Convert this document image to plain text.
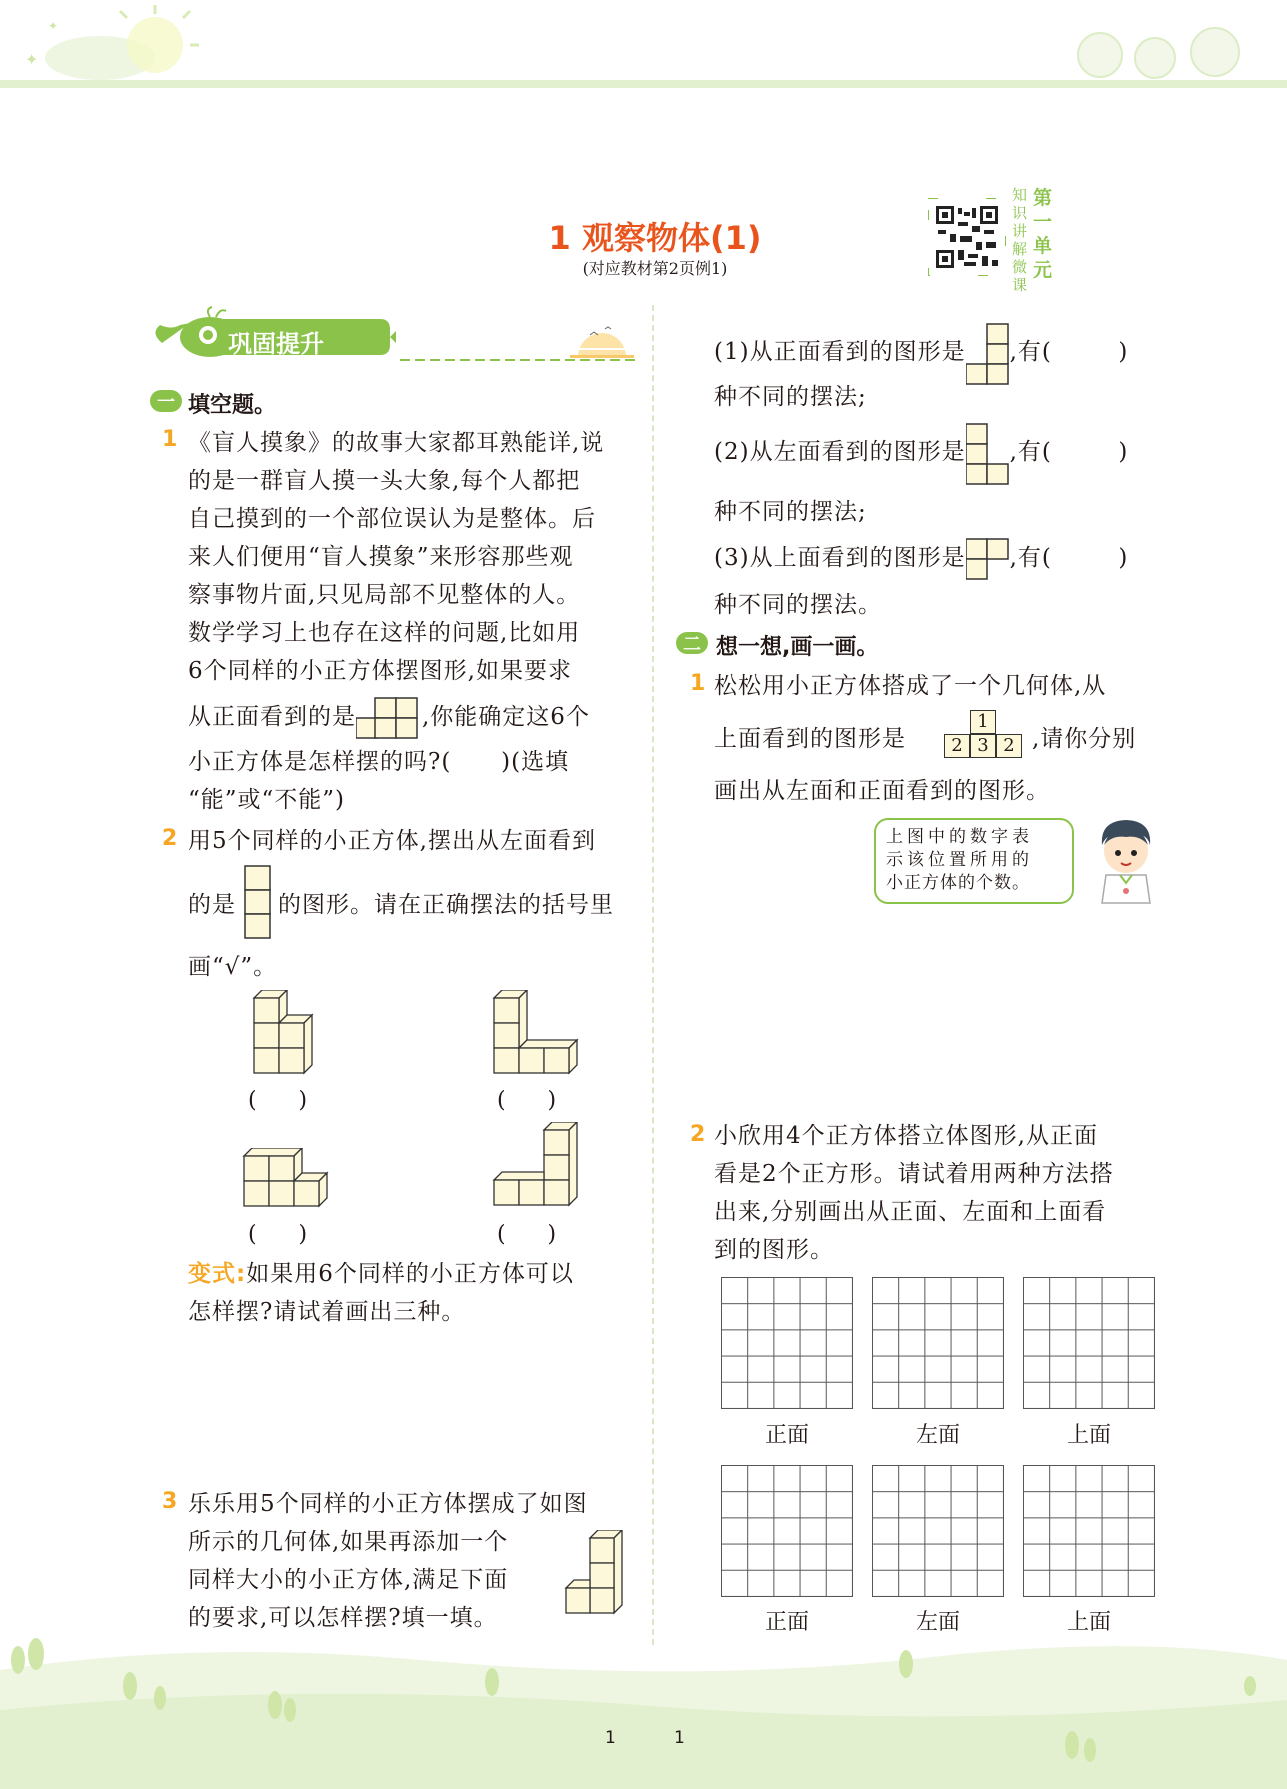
✦
✦
1 观察物体(1)
(对应教材第2页例1)
知识讲解微课
第一单元
巩固提升
一 填空题。
1 《盲人摸象》的故事大家都耳熟能详,说
的是一群盲人摸一头大象,每个人都把
自己摸到的一个部位误认为是整体。后
来人们便用“盲人摸象”来形容那些观
察事物片面,只见局部不见整体的人。
数学学习上也存在这样的问题,比如用
6个同样的小正方体摆图形,如果要求
从正面看到的是	,你能确定这6个
小正方体是怎样摆的吗?(      )(选填
“能”或“不能”)
2 用5个同样的小正方体,摆出从左面看到
的是 的图形。请在正确摆法的括号里
画“√”。
(      )	(      )
(      )	(      )
变式:如果用6个同样的小正方体可以
怎样摆?请试着画出三种。
3 乐乐用5个同样的小正方体摆成了如图
所示的几何体,如果再添加一个
同样大小的小正方体,满足下面
的要求,可以怎样摆?填一填。
(1)从正面看到的图形是 ,有(        )
种不同的摆法;
(2)从左面看到的图形是 ,有(        )
种不同的摆法;
(3)从上面看到的图形是 ,有(        )
种不同的摆法。
二 想一想,画一画。
1 松松用小正方体搭成了一个几何体,从
上面看到的图形是
1
2 3 2 ,请你分别
画出从左面和正面看到的图形。
上图中的数字表
示该位置所用的
小正方体的个数。
2 小欣用4个正方体搭立体图形,从正面
看是2个正方形。请试着用两种方法搭
出来,分别画出从正面、左面和上面看
到的图形。
正面	左面	上面
正面	左面	上面
1	1
